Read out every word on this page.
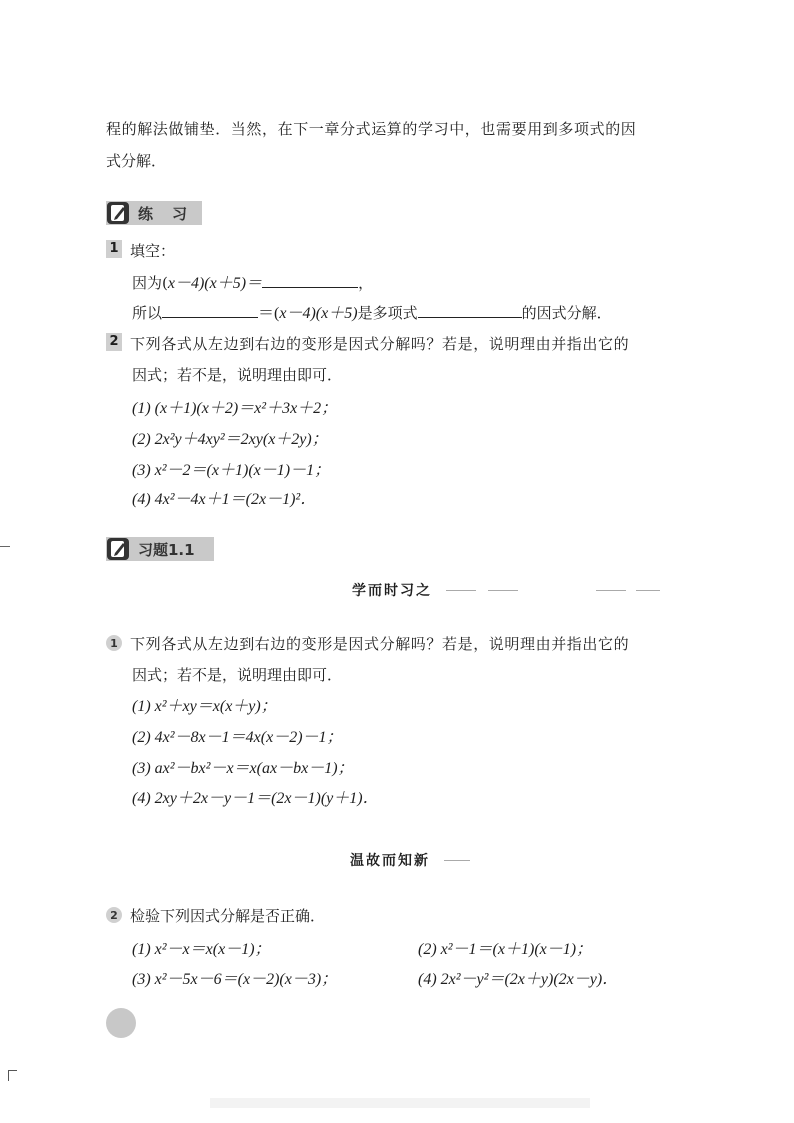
程的解法做铺垫．当然，在下一章分式运算的学习中，也需要用到多项式的因
式分解．
练　习
1 填空：
因为(x－4)(x＋5)＝	，
所以	＝(x－4)(x＋5)是多项式	的因式分解．
2 下列各式从左边到右边的变形是因式分解吗？若是，说明理由并指出它的
因式；若不是，说明理由即可．
(1) (x＋1)(x＋2)＝x²＋3x＋2；
(2) 2x²y＋4xy²＝2xy(x＋2y)；
(3) x²－2＝(x＋1)(x－1)－1；
(4) 4x²－4x＋1＝(2x－1)²．
习题1.1
学而时习之
1 下列各式从左边到右边的变形是因式分解吗？若是，说明理由并指出它的
因式；若不是，说明理由即可．
(1) x²＋xy＝x(x＋y)；
(2) 4x²－8x－1＝4x(x－2)－1；
(3) ax²－bx²－x＝x(ax－bx－1)；
(4) 2xy＋2x－y－1＝(2x－1)(y＋1)．
温故而知新
2 检验下列因式分解是否正确．
(1) x²－x＝x(x－1)；	(2) x²－1＝(x＋1)(x－1)；
(3) x²－5x－6＝(x－2)(x－3)；	(4) 2x²－y²＝(2x＋y)(2x－y)．
